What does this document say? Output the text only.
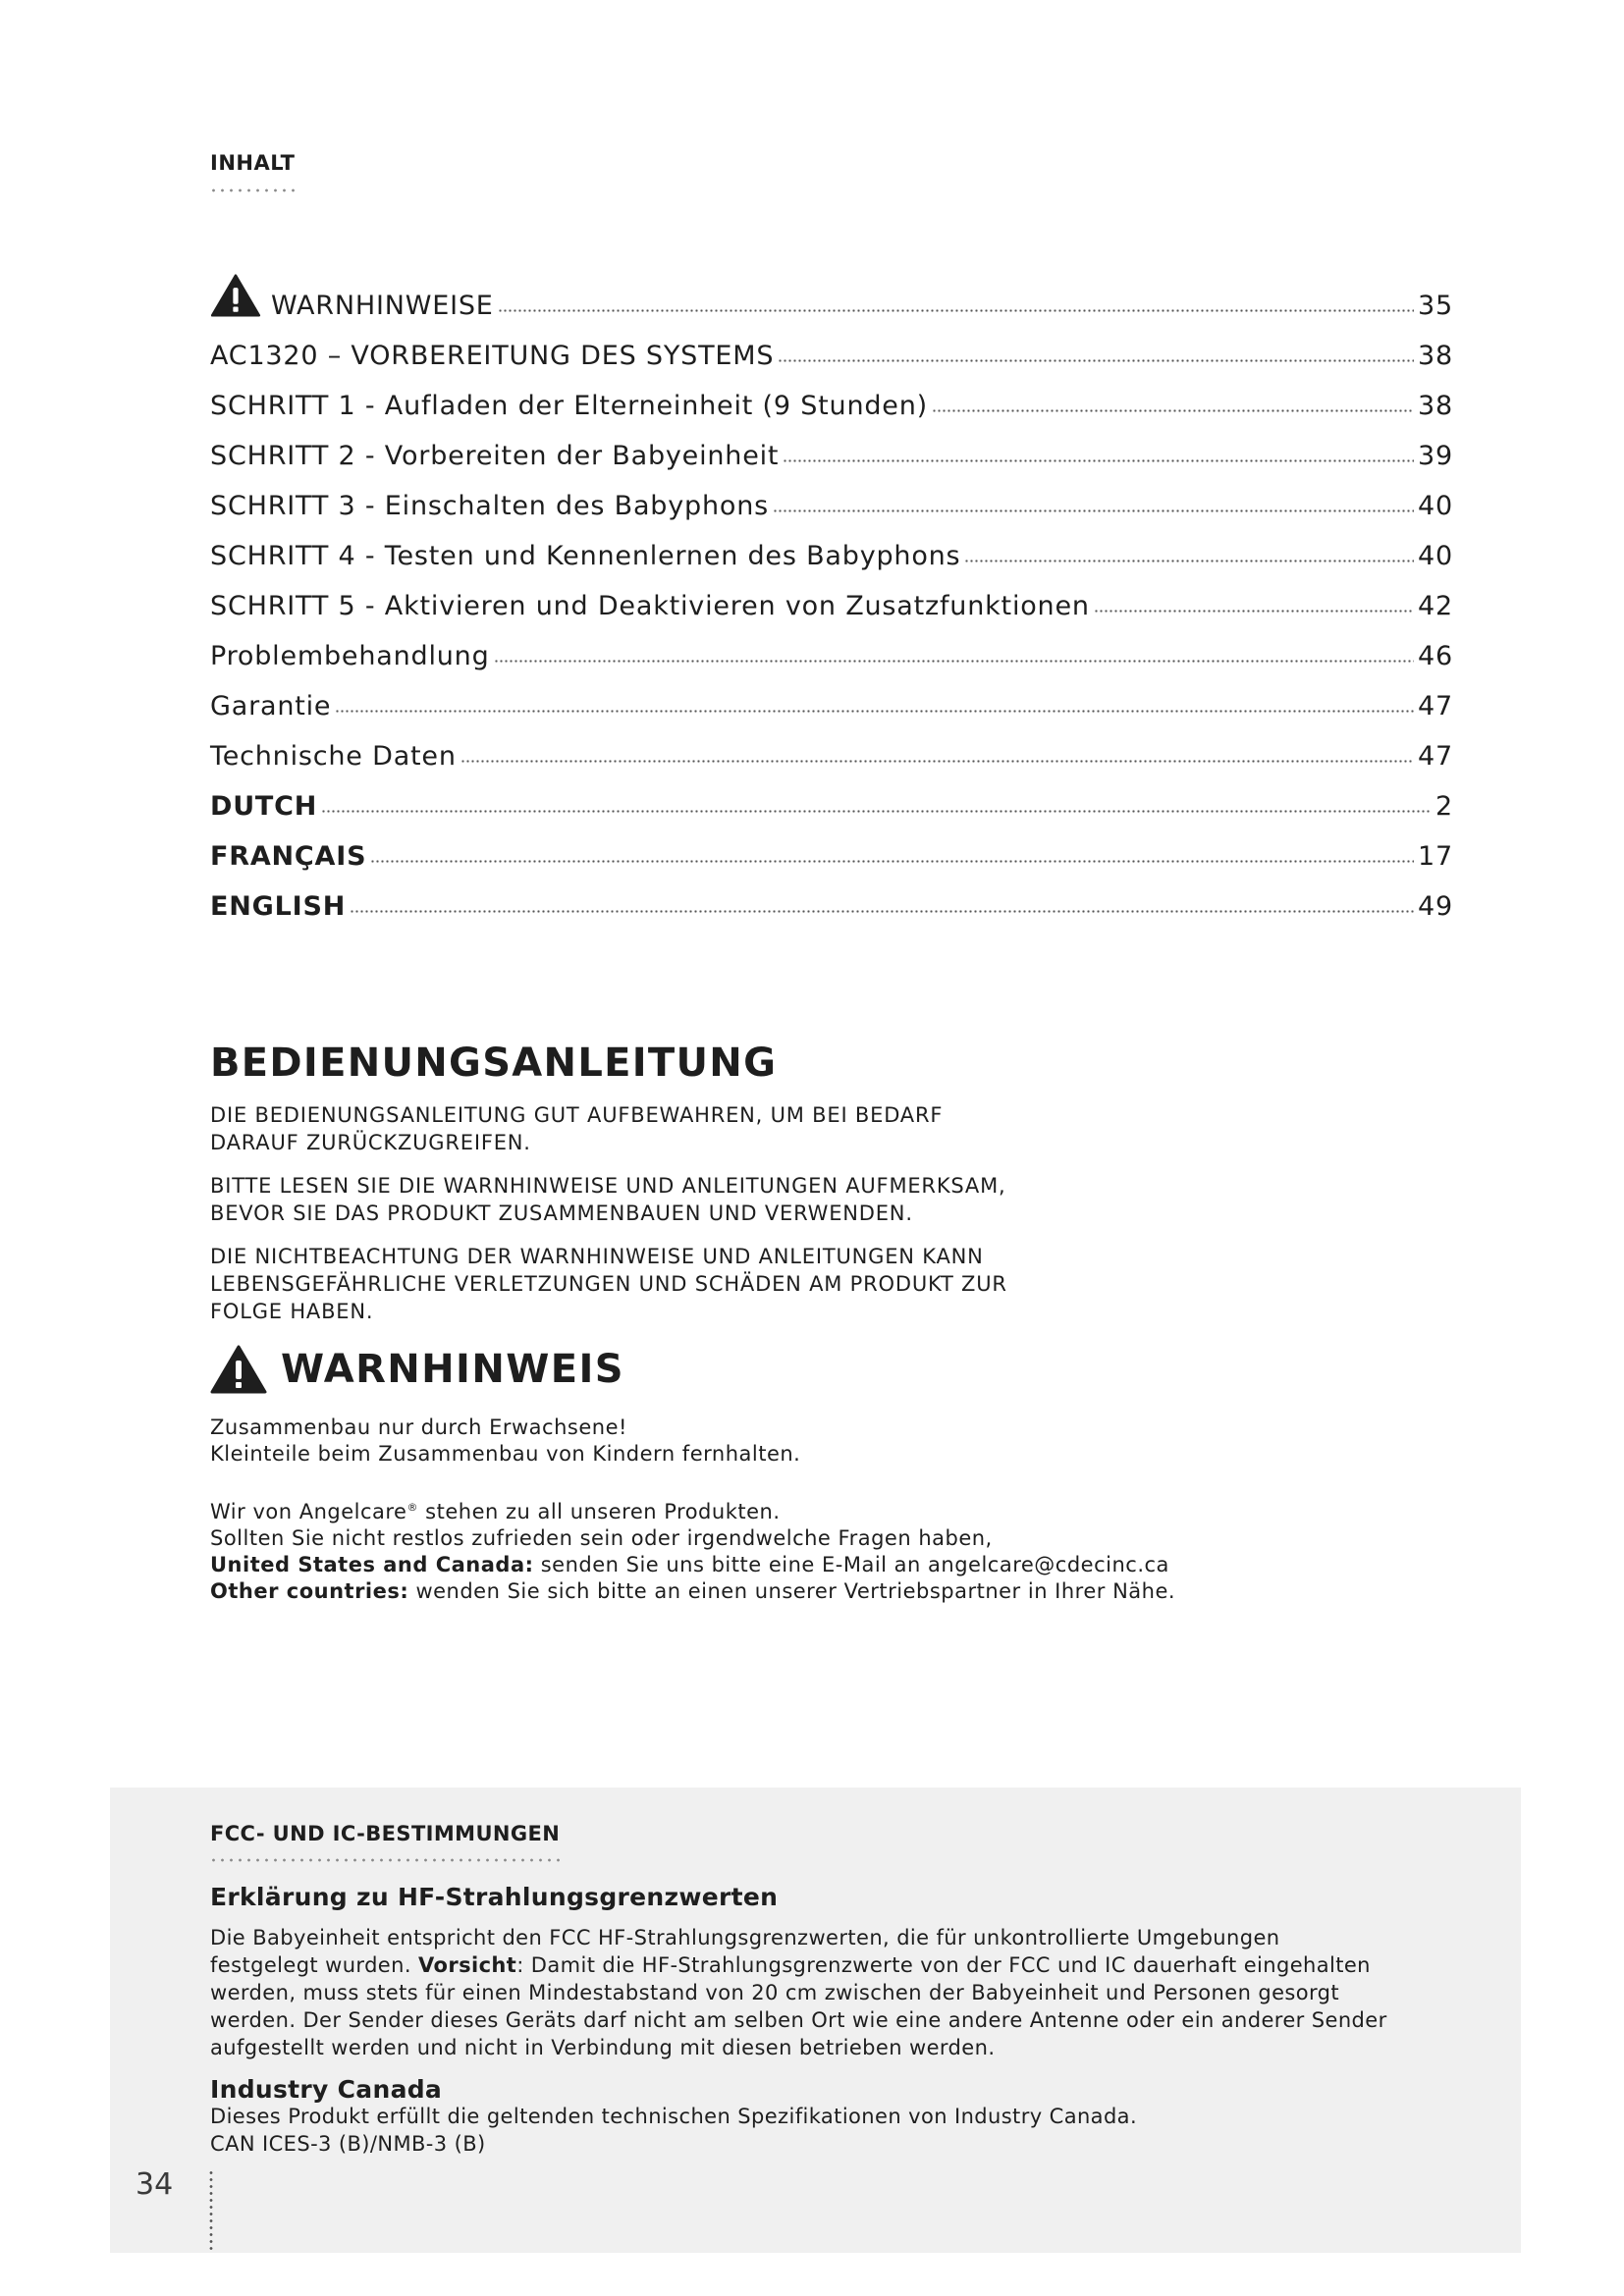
INHALT
WARNHINWEISE	35
AC1320 – VORBEREITUNG DES SYSTEMS	38
SCHRITT 1 - Aufladen der Elterneinheit (9 Stunden)	38
SCHRITT 2 - Vorbereiten der Babyeinheit	39
SCHRITT 3 - Einschalten des Babyphons	40
SCHRITT 4 - Testen und Kennenlernen des Babyphons	40
SCHRITT 5 - Aktivieren und Deaktivieren von Zusatzfunktionen	42
Problembehandlung	46
Garantie	47
Technische Daten	47
DUTCH	2
FRANÇAIS	17
ENGLISH	49
BEDIENUNGSANLEITUNG
DIE BEDIENUNGSANLEITUNG GUT AUFBEWAHREN, UM BEI BEDARF
DARAUF ZURÜCKZUGREIFEN.
BITTE LESEN SIE DIE WARNHINWEISE UND ANLEITUNGEN AUFMERKSAM,
BEVOR SIE DAS PRODUKT ZUSAMMENBAUEN UND VERWENDEN.
DIE NICHTBEACHTUNG DER WARNHINWEISE UND ANLEITUNGEN KANN
LEBENSGEFÄHRLICHE VERLETZUNGEN UND SCHÄDEN AM PRODUKT ZUR
FOLGE HABEN.
WARNHINWEIS
Zusammenbau nur durch Erwachsene!
Kleinteile beim Zusammenbau von Kindern fernhalten.
Wir von Angelcare® stehen zu all unseren Produkten.
Sollten Sie nicht restlos zufrieden sein oder irgendwelche Fragen haben,
United States and Canada: senden Sie uns bitte eine E-Mail an angelcare@cdecinc.ca
Other countries: wenden Sie sich bitte an einen unserer Vertriebspartner in Ihrer Nähe.
FCC- UND IC-BESTIMMUNGEN
Erklärung zu HF-Strahlungsgrenzwerten
Die Babyeinheit entspricht den FCC HF-Strahlungsgrenzwerten, die für unkontrollierte Umgebungen
festgelegt wurden. Vorsicht: Damit die HF-Strahlungsgrenzwerte von der FCC und IC dauerhaft eingehalten
werden, muss stets für einen Mindestabstand von 20 cm zwischen der Babyeinheit und Personen gesorgt
werden. Der Sender dieses Geräts darf nicht am selben Ort wie eine andere Antenne oder ein anderer Sender
aufgestellt werden und nicht in Verbindung mit diesen betrieben werden.
Industry Canada
Dieses Produkt erfüllt die geltenden technischen Spezifikationen von Industry Canada.
CAN ICES-3 (B)/NMB-3 (B)
34
